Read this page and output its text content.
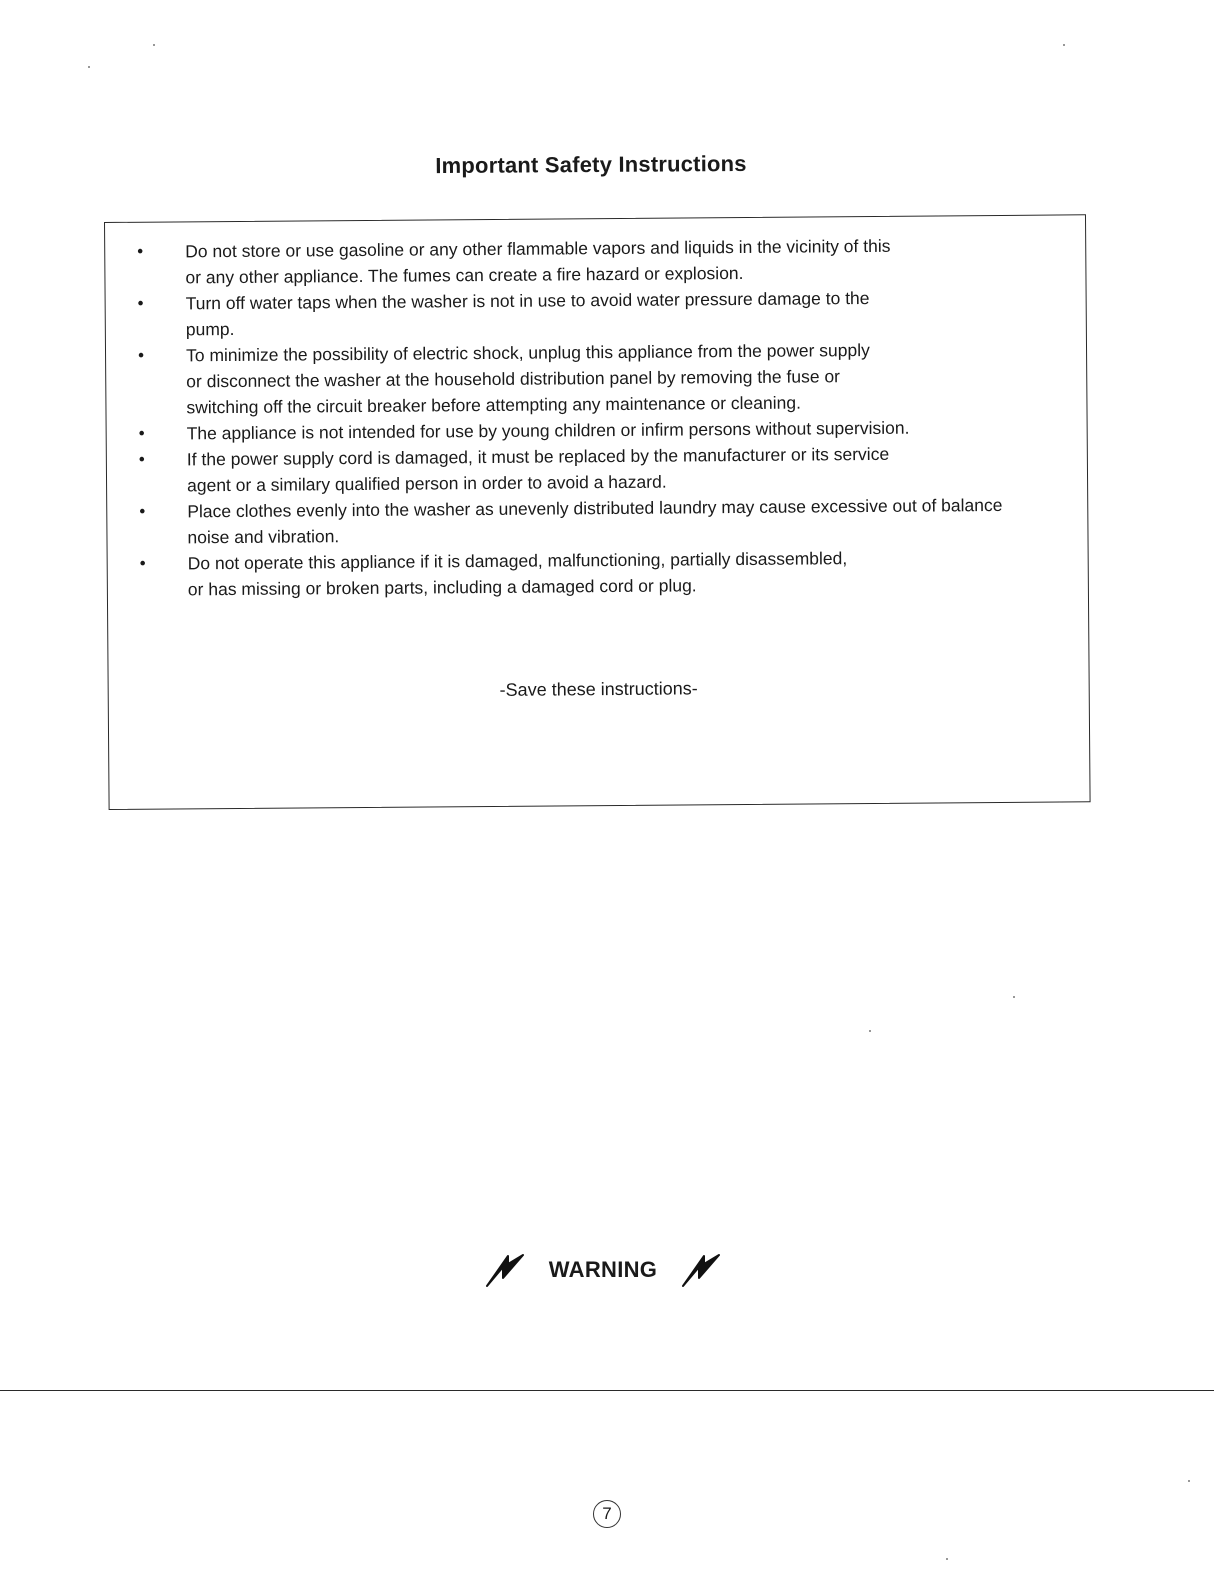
Important Safety Instructions
• Do not store or use gasoline or any other flammable vapors and liquids in the vicinity of this
or any other appliance. The fumes can create a fire hazard or explosion.
• Turn off water taps when the washer is not in use to avoid water pressure damage to the
pump.
• To minimize the possibility of electric shock, unplug this appliance from the power supply
or disconnect the washer at the household distribution panel by removing the fuse or
switching off the circuit breaker before attempting any maintenance or cleaning.
• The appliance is not intended for use by young children or infirm persons without supervision.
• If the power supply cord is damaged, it must be replaced by the manufacturer or its service
agent or a similary qualified person in order to avoid a hazard.
• Place clothes evenly into the washer as unevenly distributed laundry may cause excessive out of balance
noise and vibration.
• Do not operate this appliance if it is damaged, malfunctioning, partially disassembled,
or has missing or broken parts, including a damaged cord or plug.
-Save these instructions-
WARNING
7
